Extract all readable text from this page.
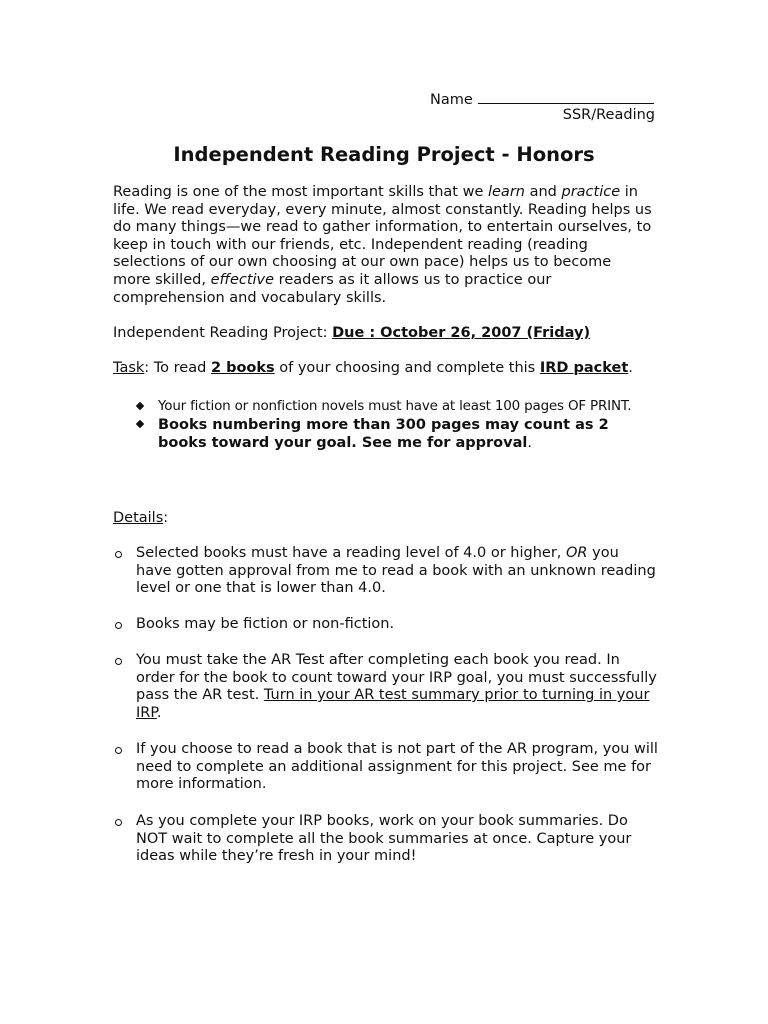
Name
SSR/Reading
Independent Reading Project - Honors

Reading is one of the most important skills that we learn and practice in life. We read everyday, every minute, almost constantly. Reading helps us do many things—we read to gather information, to entertain ourselves, to keep in touch with our friends, etc. Independent reading (reading selections of our own choosing at our own pace) helps us to become more skilled, effective readers as it allows us to practice our comprehension and vocabulary skills.

Independent Reading Project: Due : October 26, 2007 (Friday)
Task: To read 2 books of your choosing and complete this IRD packet.
Your fiction or nonfiction novels must have at least 100 pages OF PRINT.
Books numbering more than 300 pages may count as 2 books toward your goal. See me for approval.
Details:
Selected books must have a reading level of 4.0 or higher, OR you have gotten approval from me to read a book with an unknown reading level or one that is lower than 4.0.
Books may be fiction or non-fiction.
You must take the AR Test after completing each book you read. In order for the book to count toward your IRP goal, you must successfully pass the AR test. Turn in your AR test summary prior to turning in your IRP.
If you choose to read a book that is not part of the AR program, you will need to complete an additional assignment for this project. See me for more information.
As you complete your IRP books, work on your book summaries. Do NOT wait to complete all the book summaries at once. Capture your ideas while they’re fresh in your mind!
